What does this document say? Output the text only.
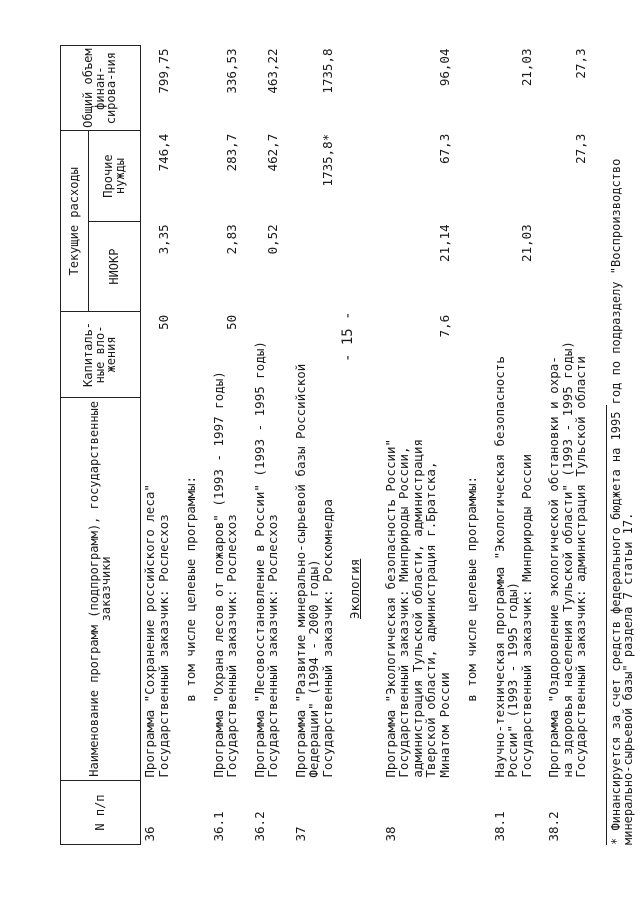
- 15 -
N п/п	Наименование программ (подпрограмм), государственные заказчики	Капиталь-ные вло-жения	Текущие расходы		Общий объем финан-сирова-ния
			НИОКР	Прочие нужды	
36	Программа "Сохранение российского леса"
Государственный заказчик: Рослесхоз	50	3,35	746,4	799,75

	в том числе целевые программы:				

36.1	Программа "Охрана лесов от пожаров" (1993 - 1997 годы)
Государственный заказчик: Рослесхоз	50	2,83	283,7	336,53

36.2	Программа "Лесовосстановление в России" (1993 - 1995 годы)
Государственный заказчик: Рослесхоз		0,52	462,7	463,22

37	Программа "Развитие минерально-сырьевой базы Российской
Федерации" (1994 - 2000 годы)
Государственный заказчик: Роскомнедра			1735,8*	1735,8

	Экология				

38	Программа "Экологическая безопасность России"
Государственный заказчик: Минприроды России,
администрация Тульской области, администрация
Тверской области, администрация г.Братска,
Минатом России	7,6	21,14	67,3	96,04

	в том числе целевые программы:				

38.1	Научно-техническая программа "Экологическая безопасность
России" (1993 - 1995 годы)
Государственный заказчик: Минприроды России		21,03		21,03

38.2	Программа "Оздоровление экологической обстановки и охра-
на здоровья населения Тульской области" (1993 - 1995 годы)
Государственный заказчик: администрация Тульской области			27,3	27,3

* Финансируется за счет средств федерального бюджета на 1995 год по подразделу "Воспроизводство
минерально-сырьевой базы" раздела 7 статьи 17.
